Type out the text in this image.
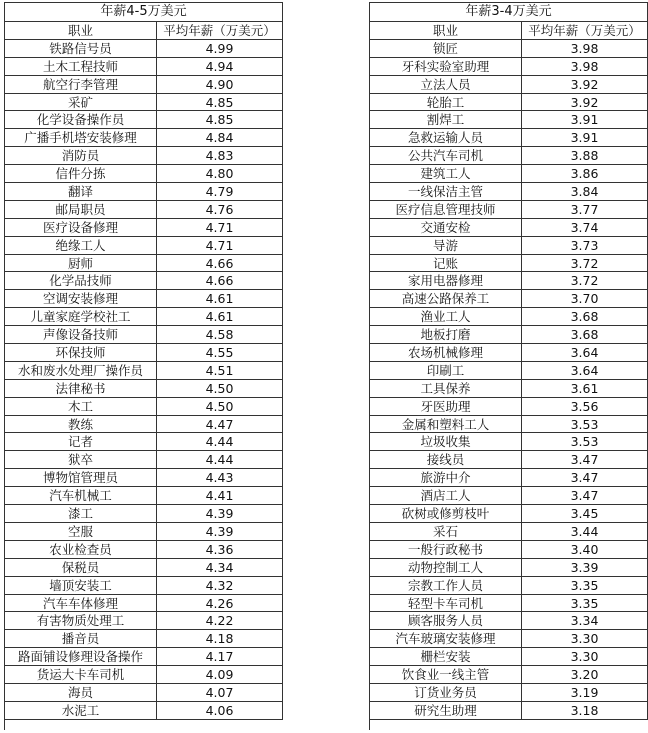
年薪4-5万美元
职业	平均年薪（万美元）
铁路信号员	4.99
土木工程技师	4.94
航空行李管理	4.90
采矿	4.85
化学设备操作员	4.85
广播手机塔安装修理	4.84
消防员	4.83
信件分拣	4.80
翻译	4.79
邮局职员	4.76
医疗设备修理	4.71
绝缘工人	4.71
厨师	4.66
化学品技师	4.66
空调安装修理	4.61
儿童家庭学校社工	4.61
声像设备技师	4.58
环保技师	4.55
水和废水处理厂操作员	4.51
法律秘书	4.50
木工	4.50
教练	4.47
记者	4.44
狱卒	4.44
博物馆管理员	4.43
汽车机械工	4.41
漆工	4.39
空服	4.39
农业检查员	4.36
保税员	4.34
墙顶安装工	4.32
汽车车体修理	4.26
有害物质处理工	4.22
播音员	4.18
路面铺设修理设备操作	4.17
货运大卡车司机	4.09
海员	4.07
水泥工	4.06
年薪3-4万美元
职业	平均年薪（万美元）
锁匠	3.98
牙科实验室助理	3.98
立法人员	3.92
轮胎工	3.92
割焊工	3.91
急救运输人员	3.91
公共汽车司机	3.88
建筑工人	3.86
一线保洁主管	3.84
医疗信息管理技师	3.77
交通安检	3.74
导游	3.73
记账	3.72
家用电器修理	3.72
高速公路保养工	3.70
渔业工人	3.68
地板打磨	3.68
农场机械修理	3.64
印刷工	3.64
工具保养	3.61
牙医助理	3.56
金属和塑料工人	3.53
垃圾收集	3.53
接线员	3.47
旅游中介	3.47
酒店工人	3.47
砍树或修剪枝叶	3.45
采石	3.44
一般行政秘书	3.40
动物控制工人	3.39
宗教工作人员	3.35
轻型卡车司机	3.35
顾客服务人员	3.34
汽车玻璃安装修理	3.30
栅栏安装	3.30
饮食业一线主管	3.20
订货业务员	3.19
研究生助理	3.18
